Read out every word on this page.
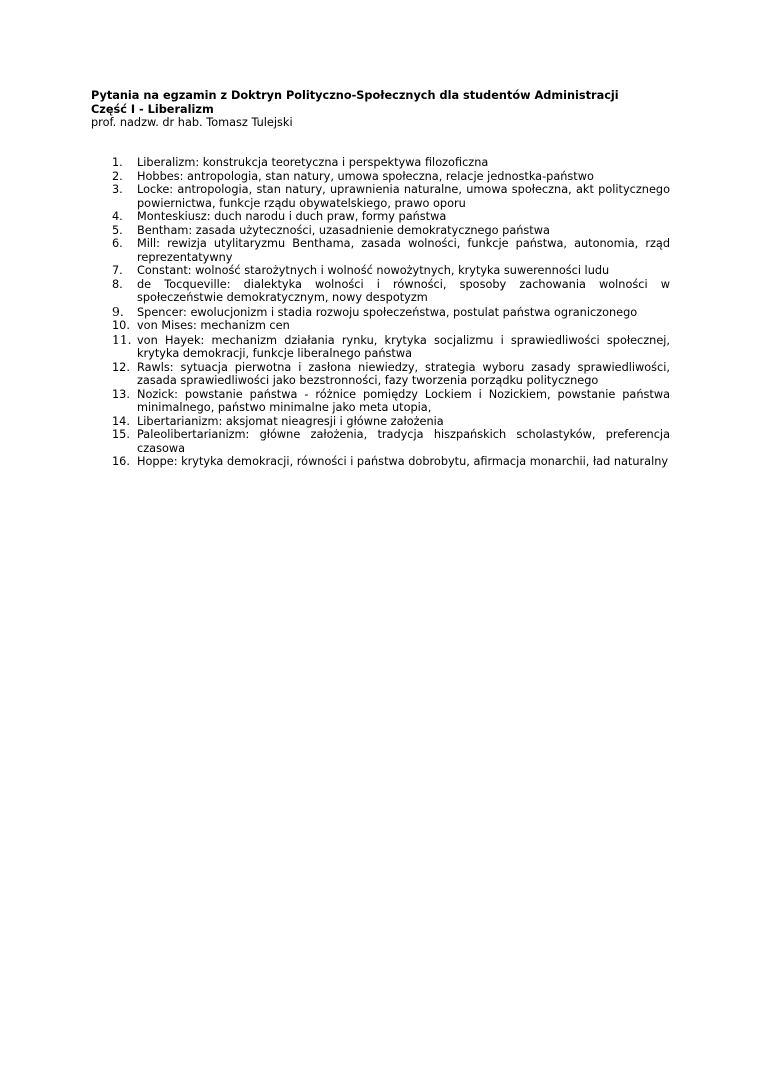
Pytania na egzamin z Doktryn Polityczno-Społecznych dla studentów Administracji
Część I - Liberalizm
prof. nadzw. dr hab. Tomasz Tulejski
1.	Liberalizm: konstrukcja teoretyczna i perspektywa filozoficzna
2.	Hobbes: antropologia, stan natury, umowa społeczna, relacje jednostka-państwo
3.	Locke: antropologia, stan natury, uprawnienia naturalne, umowa społeczna, akt politycznego powiernictwa, funkcje rządu obywatelskiego, prawo oporu
4.	Monteskiusz: duch narodu i duch praw, formy państwa
5.	Bentham: zasada użyteczności, uzasadnienie demokratycznego państwa
6.	Mill: rewizja utylitaryzmu Benthama, zasada wolności, funkcje państwa, autonomia, rząd reprezentatywny
7.	Constant: wolność starożytnych i wolność nowożytnych, krytyka suwerenności ludu
8.	de Tocqueville: dialektyka wolności i równości, sposoby zachowania wolności w społeczeństwie demokratycznym, nowy despotyzm
9.	Spencer: ewolucjonizm i stadia rozwoju społeczeństwa, postulat państwa ograniczonego
10. von Mises: mechanizm cen
11. von Hayek: mechanizm działania rynku, krytyka socjalizmu i sprawiedliwości społecznej, krytyka demokracji, funkcje liberalnego państwa
12. Rawls: sytuacja pierwotna i zasłona niewiedzy, strategia wyboru zasady sprawiedliwości, zasada sprawiedliwości jako bezstronności, fazy tworzenia porządku politycznego
13. Nozick: powstanie państwa - różnice pomiędzy Lockiem i Nozickiem, powstanie państwa minimalnego, państwo minimalne jako meta utopia,
14. Libertarianizm: aksjomat nieagresji i główne założenia
15. Paleolibertarianizm: główne założenia, tradycja hiszpańskich scholastyków, preferencja czasowa
16. Hoppe: krytyka demokracji, równości i państwa dobrobytu, afirmacja monarchii, ład naturalny
